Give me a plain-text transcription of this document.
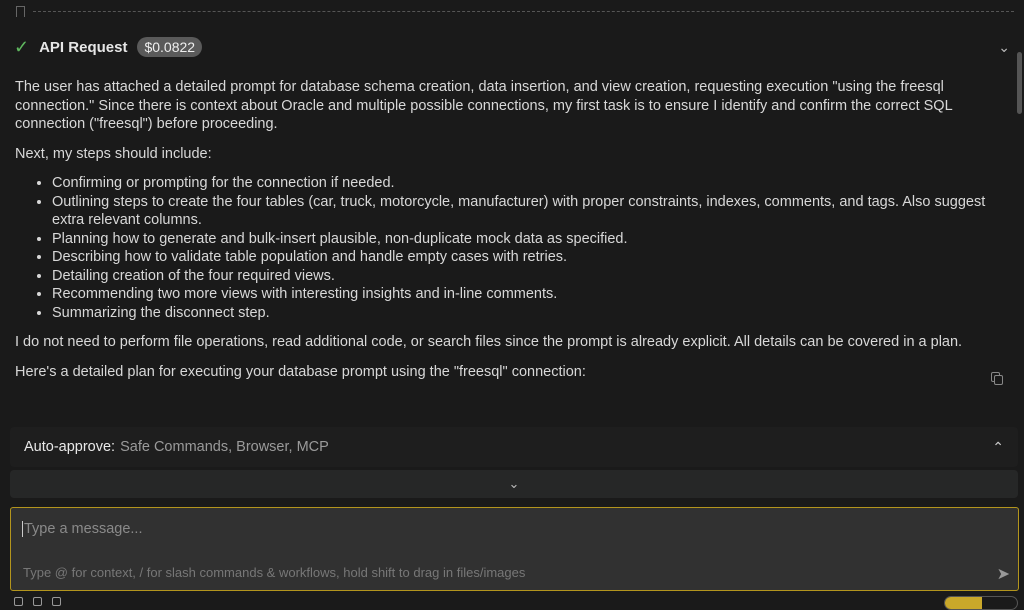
✓ API Request	$0.0822	⌄

The user has attached a detailed prompt for database schema creation, data insertion, and view creation, requesting execution "using the freesql connection." Since there is context about Oracle and multiple possible connections, my first task is to ensure I identify and confirm the correct SQL connection ("freesql") before proceeding.

Next, my steps should include:

• Confirming or prompting for the connection if needed.
• Outlining steps to create the four tables (car, truck, motorcycle, manufacturer) with proper constraints, indexes, comments, and tags. Also suggest extra relevant columns.
• Planning how to generate and bulk-insert plausible, non-duplicate mock data as specified.
• Describing how to validate table population and handle empty cases with retries.
• Detailing creation of the four required views.
• Recommending two more views with interesting insights and in-line comments.
• Summarizing the disconnect step.

I do not need to perform file operations, read additional code, or search files since the prompt is already explicit. All details can be covered in a plan.

Here's a detailed plan for executing your database prompt using the "freesql" connection:

Auto-approve: Safe Commands, Browser, MCP	⌃
⌄
Type a message...
Type @ for context, / for slash commands & workflows, hold shift to drag in files/images	➤
